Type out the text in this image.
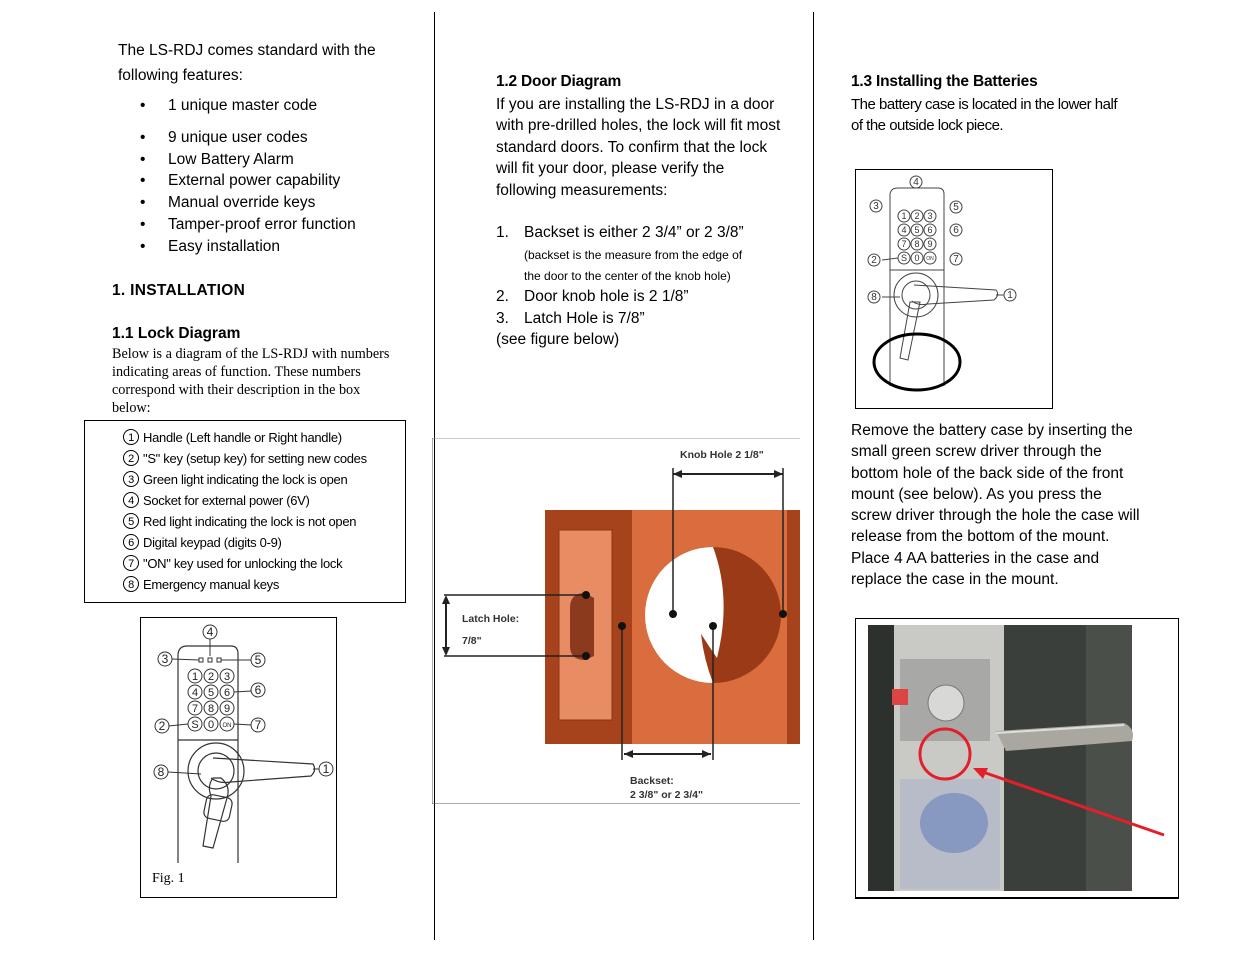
The LS-RDJ comes standard with the following features:
• 1 unique master code
• 9 unique user codes
• Low Battery Alarm
• External power capability
• Manual override keys
• Tamper-proof error function
• Easy installation
1. INSTALLATION
1.1 Lock Diagram
Below is a diagram of the LS-RDJ with numbers indicating areas of function. These numbers correspond with their description in the box below:
1 Handle (Left handle or Right handle)
2 "S" key (setup key) for setting new codes
3 Green light indicating the lock is open
4 Socket for external power (6V)
5 Red light indicating the lock is not open
6 Digital keypad (digits 0-9)
7 "ON" key used for unlocking the lock
8 Emergency manual keys
1 2 3
4 5 6
7 8 9
S 0 ON
4
3	5
6
2	7
1
8
Fig. 1
1.2 Door Diagram
If you are installing the LS-RDJ in a door with pre-drilled holes, the lock will fit most standard doors. To confirm that the lock will fit your door, please verify the following measurements:
1. Backset is either 2 3/4” or 2 3/8”
(backset is the measure from the edge of
the door to the center of the knob hole)
2. Door knob hole is 2 1/8”
3. Latch Hole is 7/8”
(see figure below)
Knob Hole 2 1/8"
Latch Hole:
7/8"
Backset:
2 3/8" or 2 3/4"
1.3 Installing the Batteries
The battery case is located in the lower half of the outside lock piece.
1 2 3
4 5 6
7 8 9
S 0 ON
4
3	5
6
2	7
1
8
Remove the battery case by inserting the small green screw driver through the bottom hole of the back side of the front mount (see below). As you press the screw driver through the hole the case will release from the bottom of the mount. Place 4 AA batteries in the case and replace the case in the mount.
